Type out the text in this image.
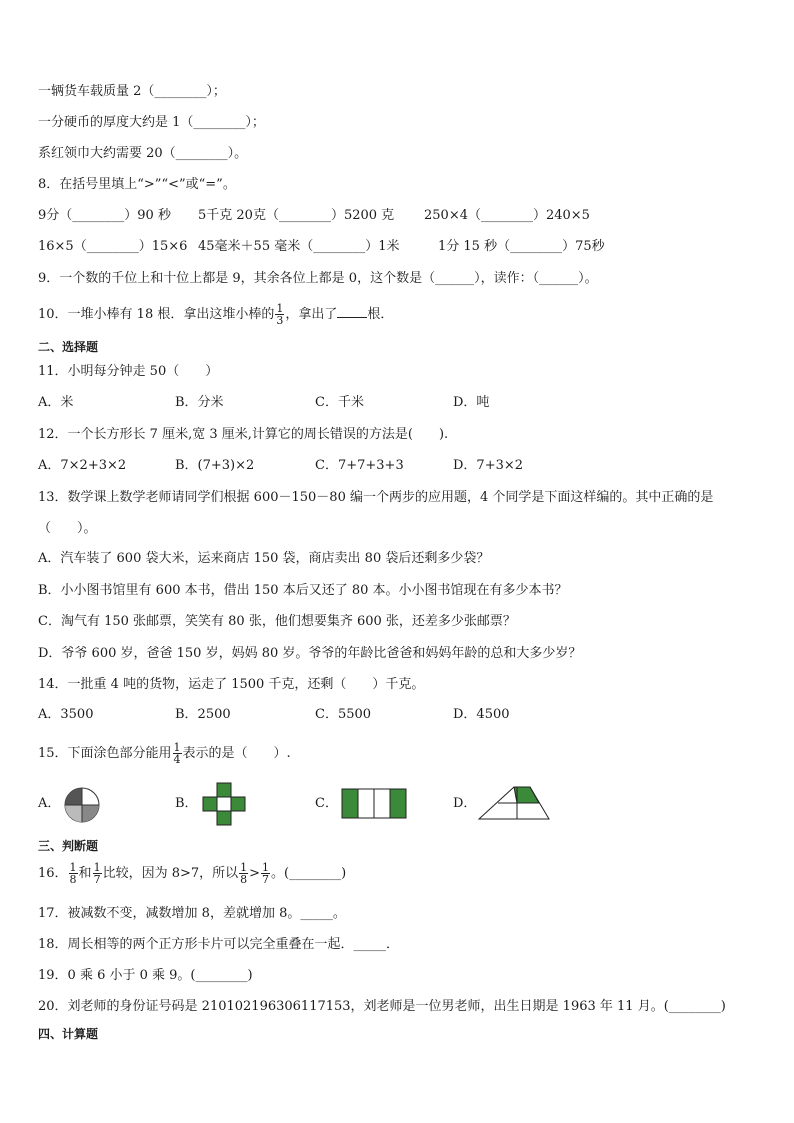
一辆货车载质量 2（________）；
一分硬币的厚度大约是 1（________）；
系红领巾大约需要 20（________）。
8．在括号里填上“>”“<”或“=”。
9分（________）90 秒 5千克 20克（________）5200 克 250×4（________）240×5
16×5（________）15×6 45毫米＋55 毫米（________）1米	1分 15 秒（________）75秒
9．一个数的千位上和十位上都是 9，其余各位上都是 0，这个数是（______），读作：（______）。
10．一堆小棒有 18 根．拿出这堆小棒的 $\frac{1}{3}$ ，拿出了 根．
二、选择题
11．小明每分钟走 50（　　）
A．米	B．分米	C．千米	D．吨
12．一个长方形长 7 厘米,宽 3 厘米,计算它的周长错误的方法是(　　).
A．7×2+3×2	B．(7+3)×2	C．7+7+3+3	D．7+3×2
13．数学课上数学老师请同学们根据 600－150－80 编一个两步的应用题，4 个同学是下面这样编的。其中正确的是
（　　）。
A．汽车装了 600 袋大米，运来商店 150 袋，商店卖出 80 袋后还剩多少袋？
B．小小图书馆里有 600 本书，借出 150 本后又还了 80 本。小小图书馆现在有多少本书？
C．淘气有 150 张邮票，笑笑有 80 张，他们想要集齐 600 张，还差多少张邮票？
D．爷爷 600 岁，爸爸 150 岁，妈妈 80 岁。爷爷的年龄比爸爸和妈妈年龄的总和大多少岁？
14．一批重 4 吨的货物，运走了 1500 千克，还剩（　　）千克。
A．3500	B．2500	C．5500	D．4500
15．下面涂色部分能用 $\frac{1}{4}$ 表示的是（　　）.
A．	B．	C．	D．
三、判断题
16． $\frac{1}{8}$ 和 $\frac{1}{7}$ 比较，因为 8>7，所以 $\frac{1}{8} > \frac{1}{7}$ 。(________)
17．被减数不变，减数增加 8，差就增加 8。_____。
18．周长相等的两个正方形卡片可以完全重叠在一起．_____．
19．0 乘 6 小于 0 乘 9。(________)
20．刘老师的身份证号码是 210102196306117153，刘老师是一位男老师，出生日期是 1963 年 11 月。(________)
四、计算题
